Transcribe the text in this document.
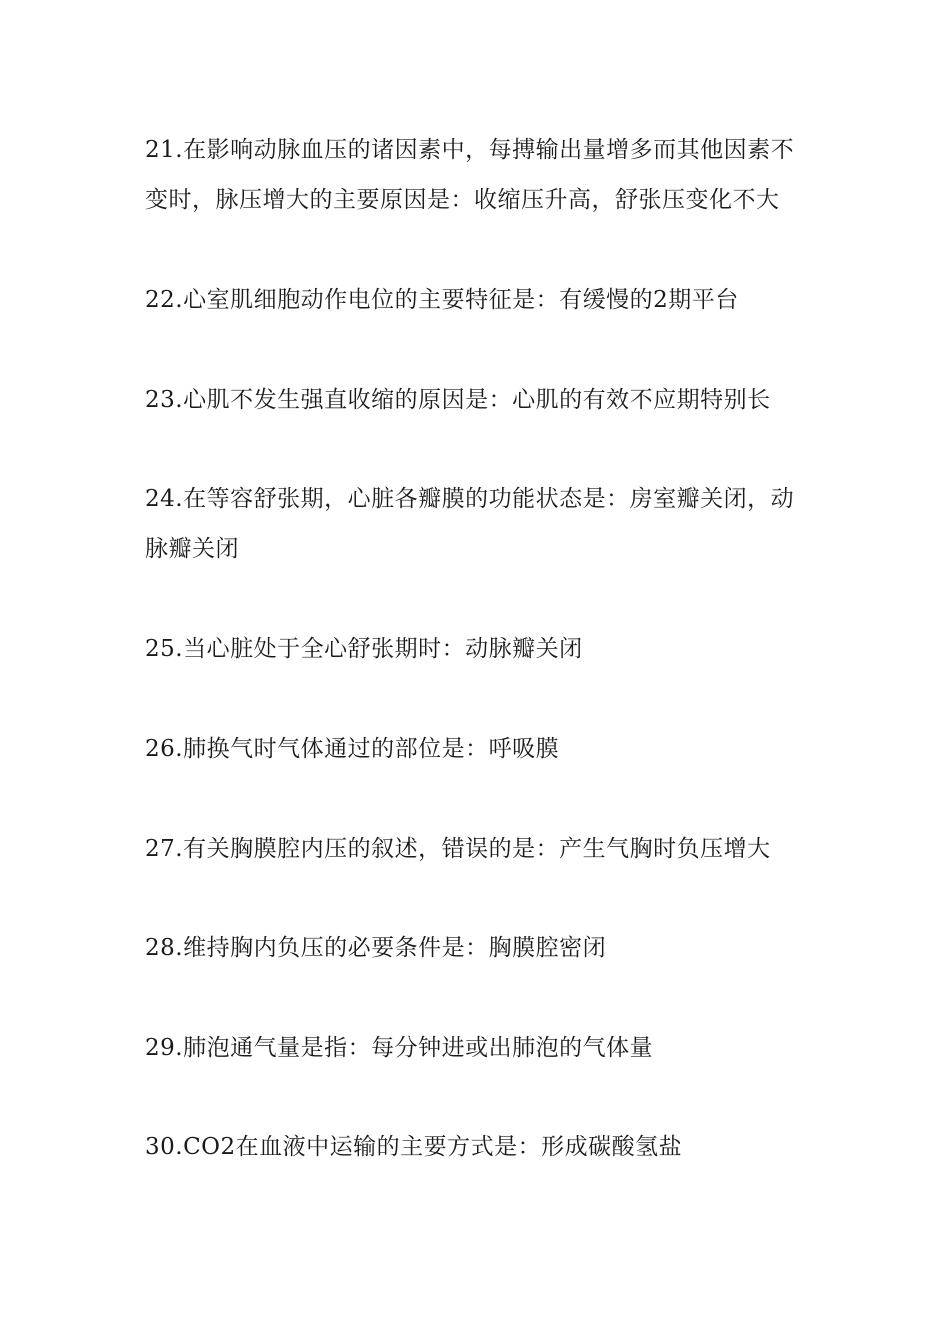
21.在影响动脉血压的诸因素中，每搏输出量增多而其他因素不变时，脉压增大的主要原因是：收缩压升高，舒张压变化不大

22.心室肌细胞动作电位的主要特征是：有缓慢的2期平台

23.心肌不发生强直收缩的原因是：心肌的有效不应期特别长

24.在等容舒张期，心脏各瓣膜的功能状态是：房室瓣关闭，动脉瓣关闭

25.当心脏处于全心舒张期时：动脉瓣关闭

26.肺换气时气体通过的部位是：呼吸膜

27.有关胸膜腔内压的叙述，错误的是：产生气胸时负压增大

28.维持胸内负压的必要条件是：胸膜腔密闭

29.肺泡通气量是指：每分钟进或出肺泡的气体量

30.CO2在血液中运输的主要方式是：形成碳酸氢盐
